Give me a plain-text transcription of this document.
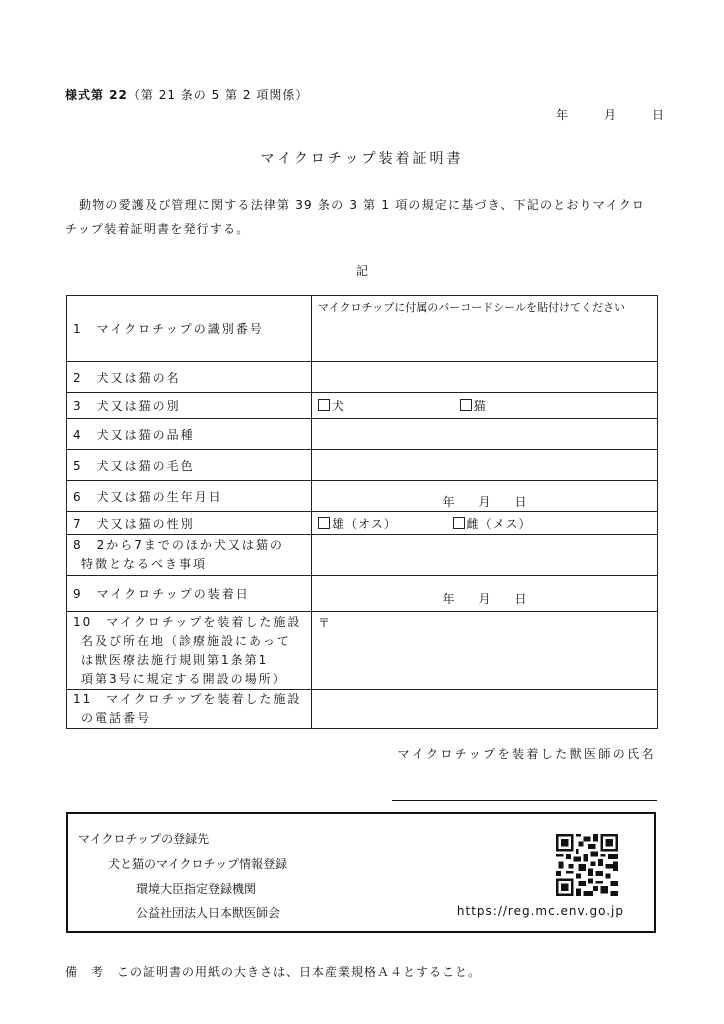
様式第 22（第 21 条の 5 第 2 項関係）
年	月	日
マイクロチップ装着証明書
動物の愛護及び管理に関する法律第 39 条の 3 第 1 項の規定に基づき、下記のとおりマイクロチップ装着証明書を発行する。
記
1　マイクロチップの識別番号	マイクロチップに付属のバーコードシールを貼付けてください
2　犬又は猫の名	
3　犬又は猫の別	犬 猫
4　犬又は猫の品種	
5　犬又は猫の毛色	
6　犬又は猫の生年月日	年 月 日
7　犬又は猫の性別	雄（オス） 雌（メス）

8　2から7までのほか犬又は猫の
特徴となるべき事項	

9　マイクロチップの装着日	年 月 日

10　マイクロチップを装着した施設
名及び所在地（診療施設にあって
は獣医療法施行規則第1条第1
項第3号に規定する開設の場所）	〒

11　マイクロチップを装着した施設
の電話番号	

マイクロチップを装着した獣医師の氏名
マイクロチップの登録先
犬と猫のマイクロチップ情報登録
環境大臣指定登録機関
公益社団法人日本獣医師会	https://reg.mc.env.go.jp
備考この証明書の用紙の大きさは、日本産業規格Ａ４とすること。
